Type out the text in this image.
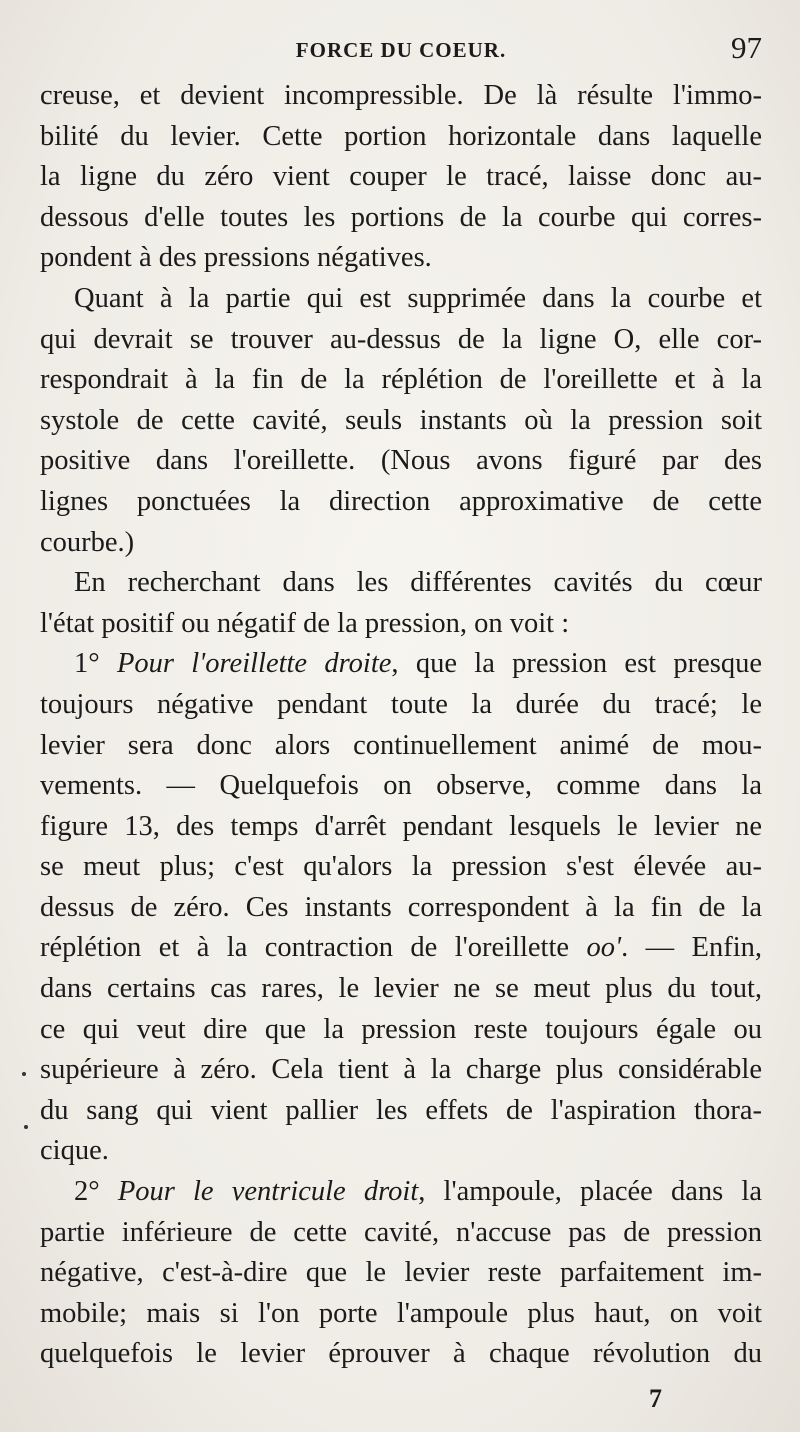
FORCE DU COEUR.	97
creuse, et devient incompressible. De là résulte l'immo-
bilité du levier. Cette portion horizontale dans laquelle
la ligne du zéro vient couper le tracé, laisse donc au-
dessous d'elle toutes les portions de la courbe qui corres-
pondent à des pressions négatives.
Quant à la partie qui est supprimée dans la courbe et
qui devrait se trouver au-dessus de la ligne O, elle cor-
respondrait à la fin de la réplétion de l'oreillette et à la
systole de cette cavité, seuls instants où la pression soit
positive dans l'oreillette. (Nous avons figuré par des
lignes ponctuées la direction approximative de cette
courbe.)
En recherchant dans les différentes cavités du cœur
l'état positif ou négatif de la pression, on voit :
1° Pour l'oreillette droite, que la pression est presque
toujours négative pendant toute la durée du tracé; le
levier sera donc alors continuellement animé de mou-
vements. — Quelquefois on observe, comme dans la
figure 13, des temps d'arrêt pendant lesquels le levier ne
se meut plus; c'est qu'alors la pression s'est élevée au-
dessus de zéro. Ces instants correspondent à la fin de la
réplétion et à la contraction de l'oreillette oo'. — Enfin,
dans certains cas rares, le levier ne se meut plus du tout,
ce qui veut dire que la pression reste toujours égale ou
supérieure à zéro. Cela tient à la charge plus considérable
du sang qui vient pallier les effets de l'aspiration thora-
cique.
2° Pour le ventricule droit, l'ampoule, placée dans la
partie inférieure de cette cavité, n'accuse pas de pression
négative, c'est-à-dire que le levier reste parfaitement im-
mobile; mais si l'on porte l'ampoule plus haut, on voit
quelquefois le levier éprouver à chaque révolution du
7
